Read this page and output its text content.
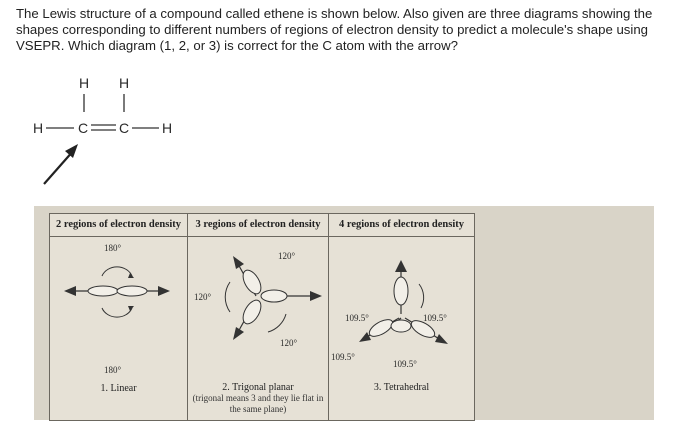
The Lewis structure of a compound called ethene is shown below. Also given are three diagrams showing the shapes corresponding to different numbers of regions of electron density to predict a molecule's shape using VSEPR. Which diagram (1, 2, or 3) is correct for the C atom with the arrow?
H H
H C C H
2 regions of electron density	3 regions of electron density	4 regions of electron density
180°
180°
1. Linear
120°
120°
120°
2. Trigonal planar
(trigonal means 3 and they lie flat in the same plane)
109.5°	109.5°
109.5°
109.5°
3. Tetrahedral
